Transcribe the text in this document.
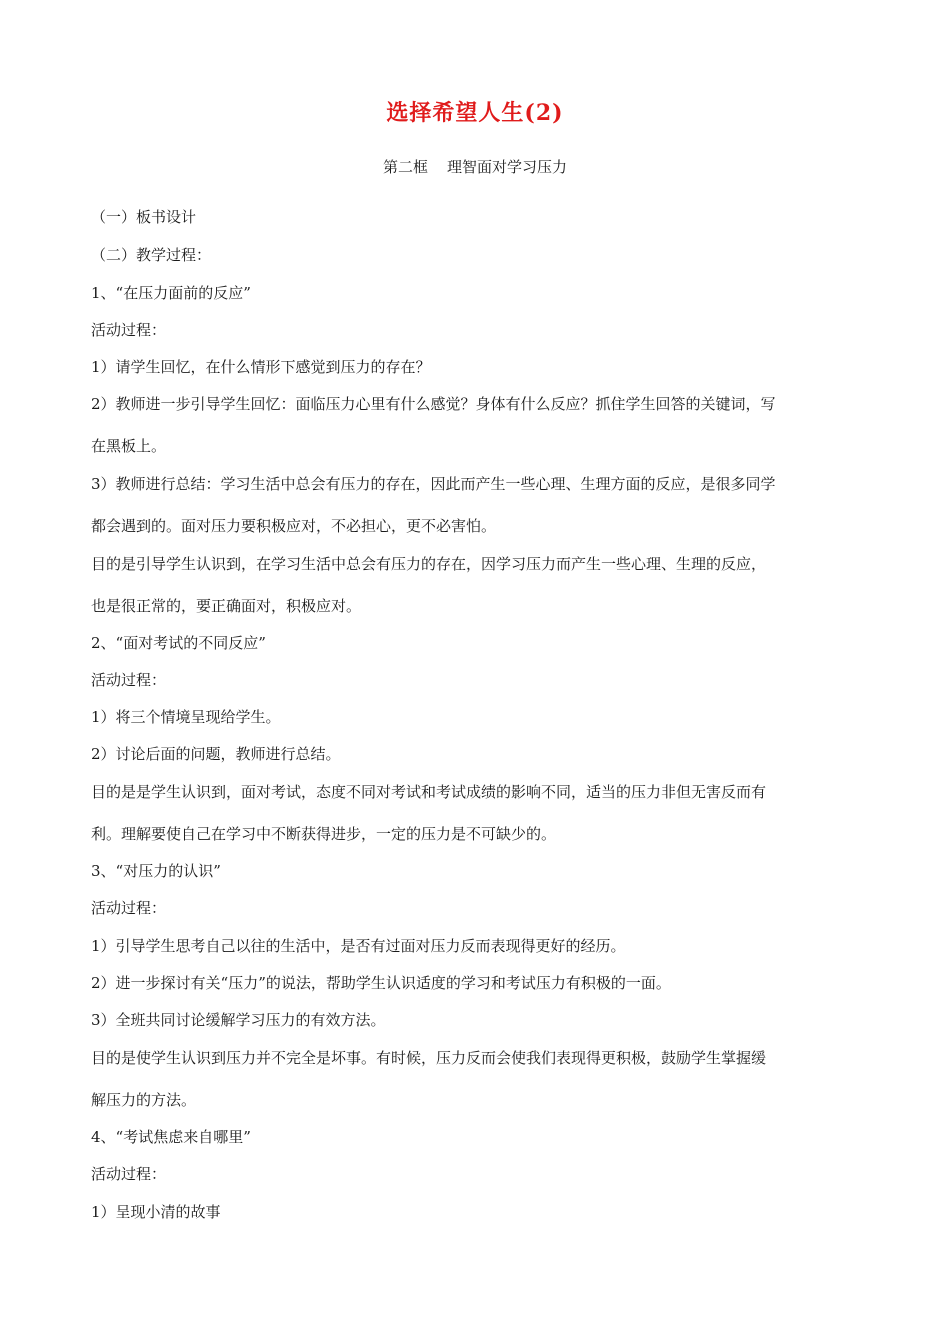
选择希望人生(2)
第二框    理智面对学习压力
（一）板书设计
（二）教学过程：
1、“在压力面前的反应”
活动过程：
1）请学生回忆，在什么情形下感觉到压力的存在？
2）教师进一步引导学生回忆：面临压力心里有什么感觉？身体有什么反应？抓住学生回答的关键词，写
在黑板上。
3）教师进行总结：学习生活中总会有压力的存在，因此而产生一些心理、生理方面的反应，是很多同学
都会遇到的。面对压力要积极应对，不必担心，更不必害怕。
目的是引导学生认识到，在学习生活中总会有压力的存在，因学习压力而产生一些心理、生理的反应，
也是很正常的，要正确面对，积极应对。
2、“面对考试的不同反应”
活动过程：
1）将三个情境呈现给学生。
2）讨论后面的问题，教师进行总结。
目的是是学生认识到，面对考试，态度不同对考试和考试成绩的影响不同，适当的压力非但无害反而有
利。理解要使自己在学习中不断获得进步，一定的压力是不可缺少的。
3、“对压力的认识”
活动过程：
1）引导学生思考自己以往的生活中，是否有过面对压力反而表现得更好的经历。
2）进一步探讨有关“压力”的说法，帮助学生认识适度的学习和考试压力有积极的一面。
3）全班共同讨论缓解学习压力的有效方法。
目的是使学生认识到压力并不完全是坏事。有时候，压力反而会使我们表现得更积极，鼓励学生掌握缓
解压力的方法。
4、“考试焦虑来自哪里”
活动过程：
1）呈现小清的故事
